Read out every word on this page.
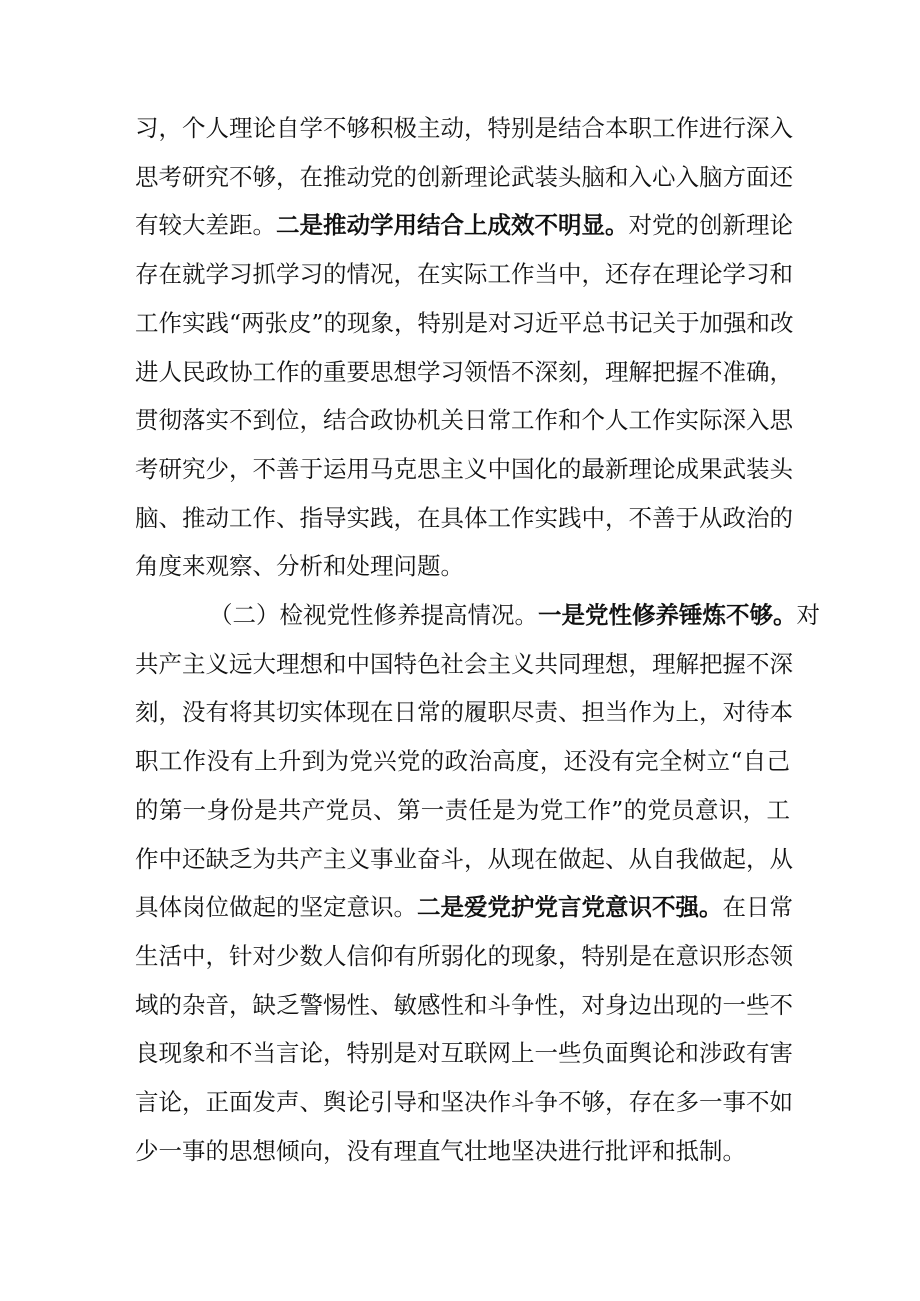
习，个人理论自学不够积极主动，特别是结合本职工作进行深入
思考研究不够，在推动党的创新理论武装头脑和入心入脑方面还
有较大差距。二是推动学用结合上成效不明显。对党的创新理论
存在就学习抓学习的情况，在实际工作当中，还存在理论学习和
工作实践“两张皮”的现象，特别是对习近平总书记关于加强和改
进人民政协工作的重要思想学习领悟不深刻，理解把握不准确，
贯彻落实不到位，结合政协机关日常工作和个人工作实际深入思
考研究少，不善于运用马克思主义中国化的最新理论成果武装头
脑、推动工作、指导实践，在具体工作实践中，不善于从政治的
角度来观察、分析和处理问题。
（二）检视党性修养提高情况。一是党性修养锤炼不够。对
共产主义远大理想和中国特色社会主义共同理想，理解把握不深
刻，没有将其切实体现在日常的履职尽责、担当作为上，对待本
职工作没有上升到为党兴党的政治高度，还没有完全树立“自己
的第一身份是共产党员、第一责任是为党工作”的党员意识，工
作中还缺乏为共产主义事业奋斗，从现在做起、从自我做起，从
具体岗位做起的坚定意识。二是爱党护党言党意识不强。在日常
生活中，针对少数人信仰有所弱化的现象，特别是在意识形态领
域的杂音，缺乏警惕性、敏感性和斗争性，对身边出现的一些不
良现象和不当言论，特别是对互联网上一些负面舆论和涉政有害
言论，正面发声、舆论引导和坚决作斗争不够，存在多一事不如
少一事的思想倾向，没有理直气壮地坚决进行批评和抵制。
